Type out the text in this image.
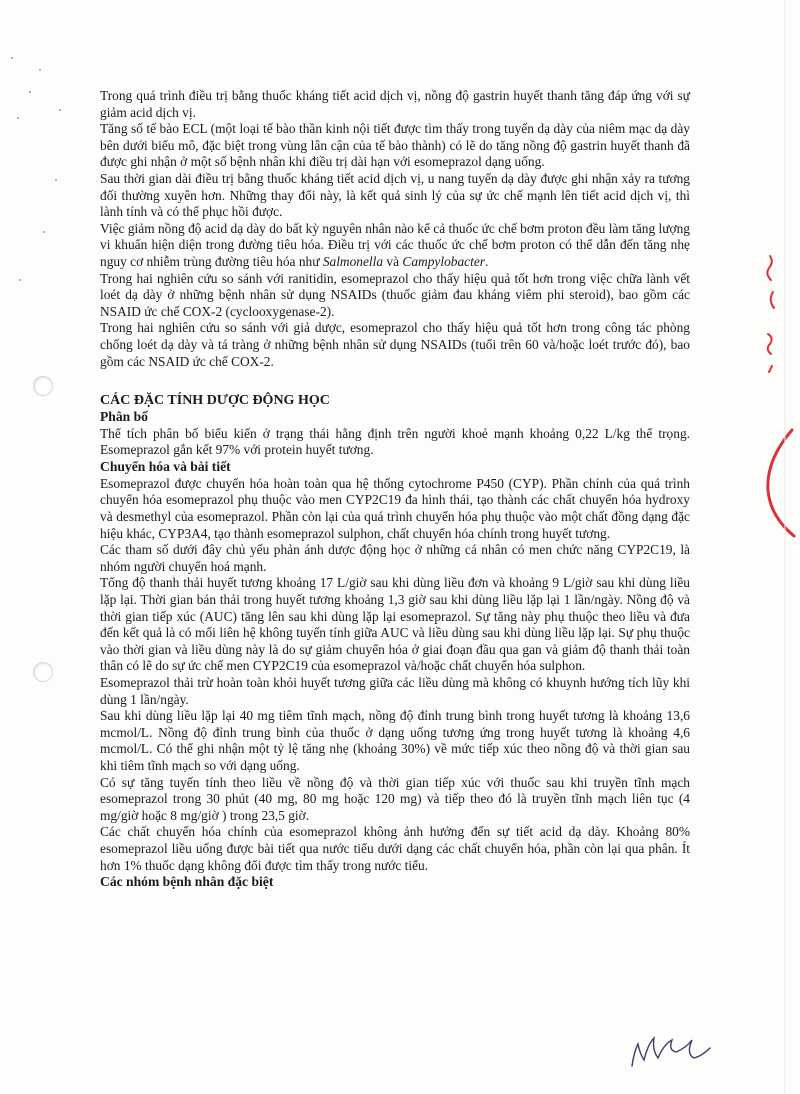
Trong quá trình điều trị bằng thuốc kháng tiết acid dịch vị, nồng độ gastrin huyết thanh tăng đáp ứng với sự giảm acid dịch vị.

Tăng số tế bào ECL (một loại tế bào thần kinh nội tiết được tìm thấy trong tuyến dạ dày của niêm mạc dạ dày bên dưới biểu mô, đặc biệt trong vùng lân cận của tế bào thành) có lẽ do tăng nồng độ gastrin huyết thanh đã được ghi nhận ở một số bệnh nhân khi điều trị dài hạn với esomeprazol dạng uống.

Sau thời gian dài điều trị bằng thuốc kháng tiết acid dịch vị, u nang tuyến dạ dày được ghi nhận xảy ra tương đối thường xuyên hơn. Những thay đổi này, là kết quả sinh lý của sự ức chế mạnh lên tiết acid dịch vị, thì lành tính và có thể phục hồi được.

Việc giảm nồng độ acid dạ dày do bất kỳ nguyên nhân nào kể cả thuốc ức chế bơm proton đều làm tăng lượng vi khuẩn hiện diện trong đường tiêu hóa. Điều trị với các thuốc ức chế bơm proton có thể dẫn đến tăng nhẹ nguy cơ nhiễm trùng đường tiêu hóa như Salmonella và Campylobacter.

Trong hai nghiên cứu so sánh với ranitidin, esomeprazol cho thấy hiệu quả tốt hơn trong việc chữa lành vết loét dạ dày ở những bệnh nhân sử dụng NSAIDs (thuốc giảm đau kháng viêm phi steroid), bao gồm các NSAID ức chế COX-2 (cyclooxygenase-2).

Trong hai nghiên cứu so sánh với giả dược, esomeprazol cho thấy hiệu quả tốt hơn trong công tác phòng chống loét dạ dày và tá tràng ở những bệnh nhân sử dụng NSAIDs (tuổi trên 60 và/hoặc loét trước đó), bao gồm các NSAID ức chế COX-2.

CÁC ĐẶC TÍNH DƯỢC ĐỘNG HỌC
Phân bố

Thể tích phân bố biểu kiến ở trạng thái hằng định trên người khoẻ mạnh khoảng 0,22 L/kg thể trọng. Esomeprazol gắn kết 97% với protein huyết tương.

Chuyển hóa và bài tiết

Esomeprazol được chuyển hóa hoàn toàn qua hệ thống cytochrome P450 (CYP). Phần chính của quá trình chuyển hóa esomeprazol phụ thuộc vào men CYP2C19 đa hình thái, tạo thành các chất chuyển hóa hydroxy và desmethyl của esomeprazol. Phần còn lại của quá trình chuyển hóa phụ thuộc vào một chất đồng dạng đặc hiệu khác, CYP3A4, tạo thành esomeprazol sulphon, chất chuyển hóa chính trong huyết tương.

Các tham số dưới đây chủ yếu phản ánh dược động học ở những cá nhân có men chức năng CYP2C19, là nhóm người chuyển hoá mạnh.

Tổng độ thanh thải huyết tương khoảng 17 L/giờ sau khi dùng liều đơn và khoảng 9 L/giờ sau khi dùng liều lặp lại. Thời gian bán thải trong huyết tương khoảng 1,3 giờ sau khi dùng liều lặp lại 1 lần/ngày. Nồng độ và thời gian tiếp xúc (AUC) tăng lên sau khi dùng lặp lại esomeprazol. Sự tăng này phụ thuộc theo liều và đưa đến kết quả là có mối liên hệ không tuyến tính giữa AUC và liều dùng sau khi dùng liều lặp lại. Sự phụ thuộc vào thời gian và liều dùng này là do sự giảm chuyển hóa ở giai đoạn đầu qua gan và giảm độ thanh thải toàn thân có lẽ do sự ức chế men CYP2C19 của esomeprazol và/hoặc chất chuyển hóa sulphon.

Esomeprazol thải trừ hoàn toàn khỏi huyết tương giữa các liều dùng mà không có khuynh hướng tích lũy khi dùng 1 lần/ngày.

Sau khi dùng liều lặp lại 40 mg tiêm tĩnh mạch, nồng độ đỉnh trung bình trong huyết tương là khoảng 13,6 mcmol/L. Nồng độ đỉnh trung bình của thuốc ở dạng uống tương ứng trong huyết tương là khoảng 4,6 mcmol/L. Có thể ghi nhận một tỷ lệ tăng nhẹ (khoảng 30%) về mức tiếp xúc theo nồng độ và thời gian sau khi tiêm tĩnh mạch so với dạng uống.

Có sự tăng tuyến tính theo liều về nồng độ và thời gian tiếp xúc với thuốc sau khi truyền tĩnh mạch esomeprazol trong 30 phút (40 mg, 80 mg hoặc 120 mg) và tiếp theo đó là truyền tĩnh mạch liên tục (4 mg/giờ hoặc 8 mg/giờ ) trong 23,5 giờ.

Các chất chuyển hóa chính của esomeprazol không ảnh hưởng đến sự tiết acid dạ dày. Khoảng 80% esomeprazol liều uống được bài tiết qua nước tiểu dưới dạng các chất chuyển hóa, phần còn lại qua phân. Ít hơn 1% thuốc dạng không đổi được tìm thấy trong nước tiểu.

Các nhóm bệnh nhân đặc biệt
